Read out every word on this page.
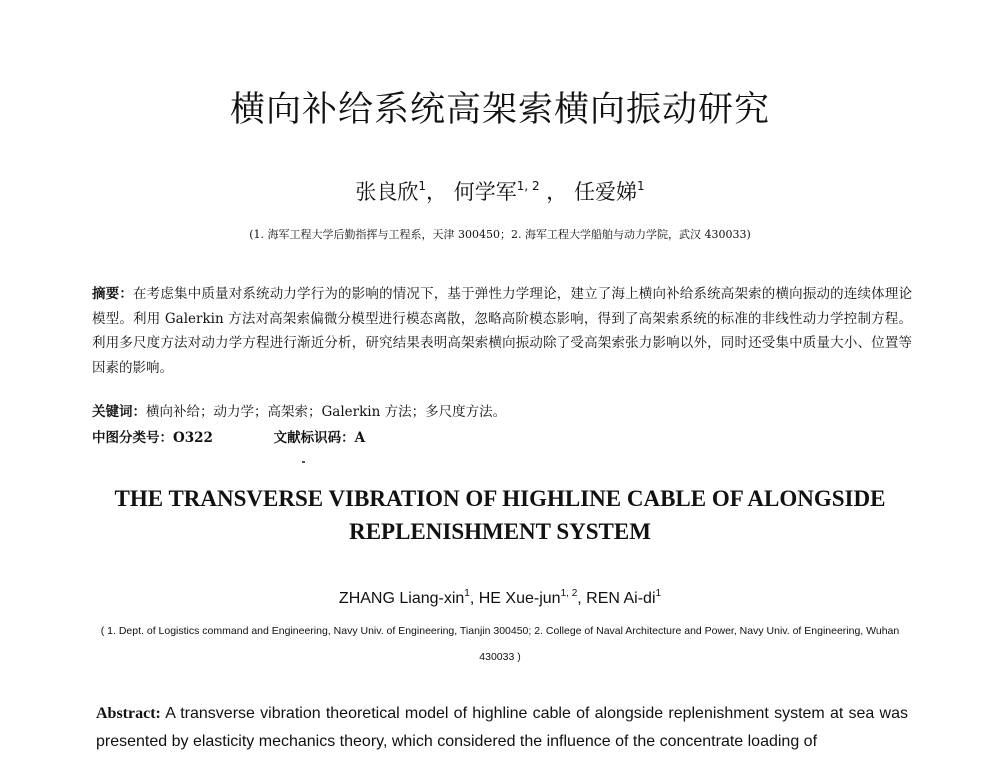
横向补给系统高架索横向振动研究
张良欣$^1$， 何学军$^{1, 2}$ ， 任爱娣$^1$
(1. 海军工程大学后勤指挥与工程系，天津 300450；2. 海军工程大学船舶与动力学院，武汉 430033)
摘要：在考虑集中质量对系统动力学行为的影响的情况下，基于弹性力学理论，建立了海上横向补给系统高架索的横向振动的连续体理论模型。利用 Galerkin 方法对高架索偏微分模型进行模态离散，忽略高阶模态影响，得到了高架索系统的标准的非线性动力学控制方程。利用多尺度方法对动力学方程进行渐近分析，研究结果表明高架索横向振动除了受高架索张力影响以外，同时还受集中质量大小、位置等因素的影响。
关键词：横向补给；动力学；高架索；Galerkin 方法；多尺度方法。
中图分类号：O322	文献标识码：A
THE TRANSVERSE VIBRATION OF HIGHLINE CABLE OF ALONGSIDE REPLENISHMENT SYSTEM
ZHANG Liang-xin$^1$, HE Xue-jun$^{1, 2}$, REN $Ai-di^1$
( 1. Dept. of Logistics command and Engineering, Navy Univ. of Engineering, Tianjin 300450; 2. College of Naval Architecture and Power, Navy Univ. of Engineering, Wuhan 430033 )
Abstract: A transverse vibration theoretical model of highline cable of alongside replenishment system at sea was presented by elasticity mechanics theory, which considered the influence of the concentrate loading of
